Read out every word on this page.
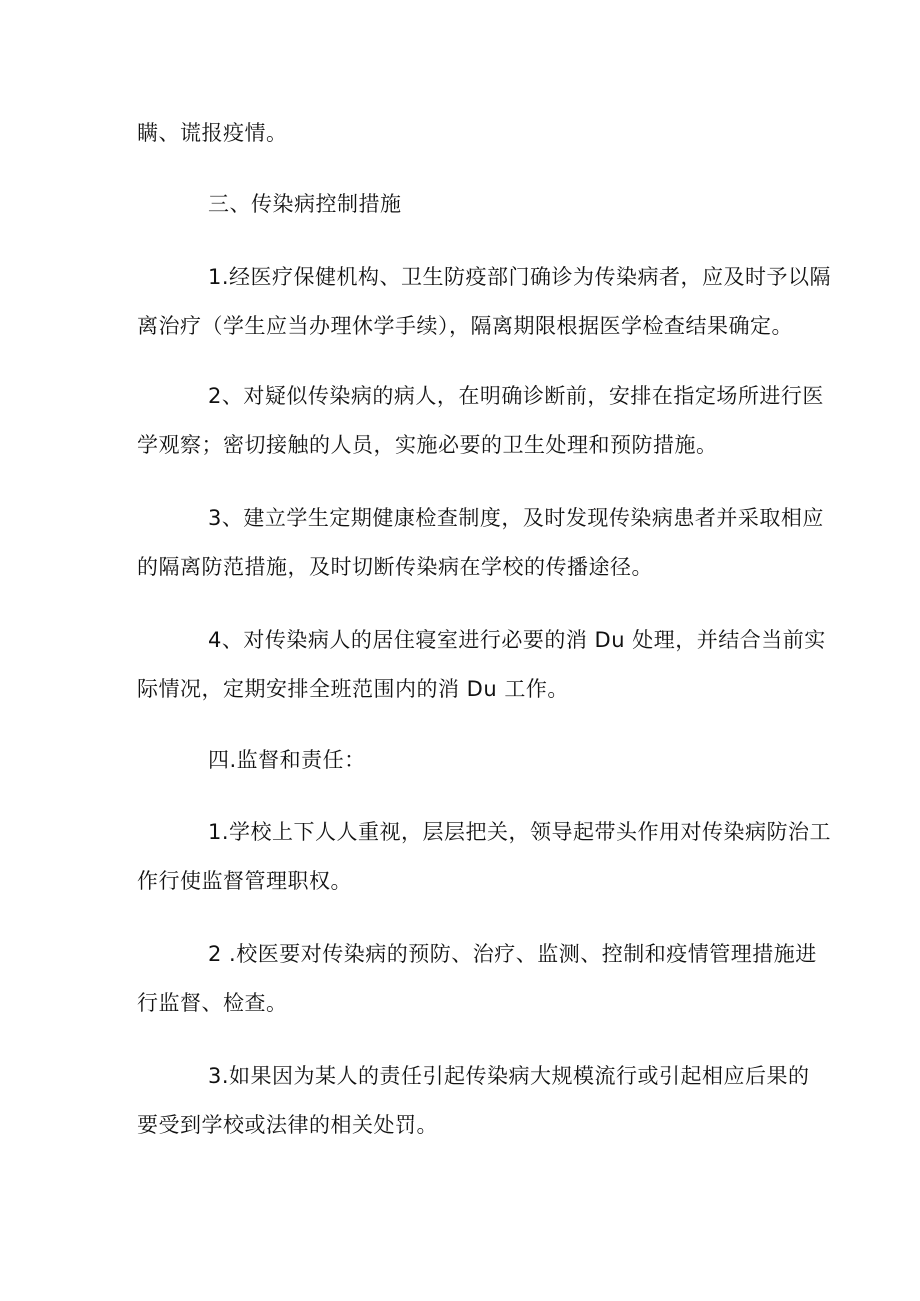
瞒、谎报疫情。
三、传染病控制措施
1.经医疗保健机构、卫生防疫部门确诊为传染病者，应及时予以隔
离治疗（学生应当办理休学手续），隔离期限根据医学检查结果确定。
2、对疑似传染病的病人，在明确诊断前，安排在指定场所进行医
学观察；密切接触的人员，实施必要的卫生处理和预防措施。
3、建立学生定期健康检查制度，及时发现传染病患者并采取相应
的隔离防范措施，及时切断传染病在学校的传播途径。
4、对传染病人的居住寝室进行必要的消 Du 处理，并结合当前实
际情况，定期安排全班范围内的消 Du 工作。
四.监督和责任：
1.学校上下人人重视，层层把关，领导起带头作用对传染病防治工
作行使监督管理职权。
2 .校医要对传染病的预防、治疗、监测、控制和疫情管理措施进
行监督、检查。
3.如果因为某人的责任引起传染病大规模流行或引起相应后果的
要受到学校或法律的相关处罚。
